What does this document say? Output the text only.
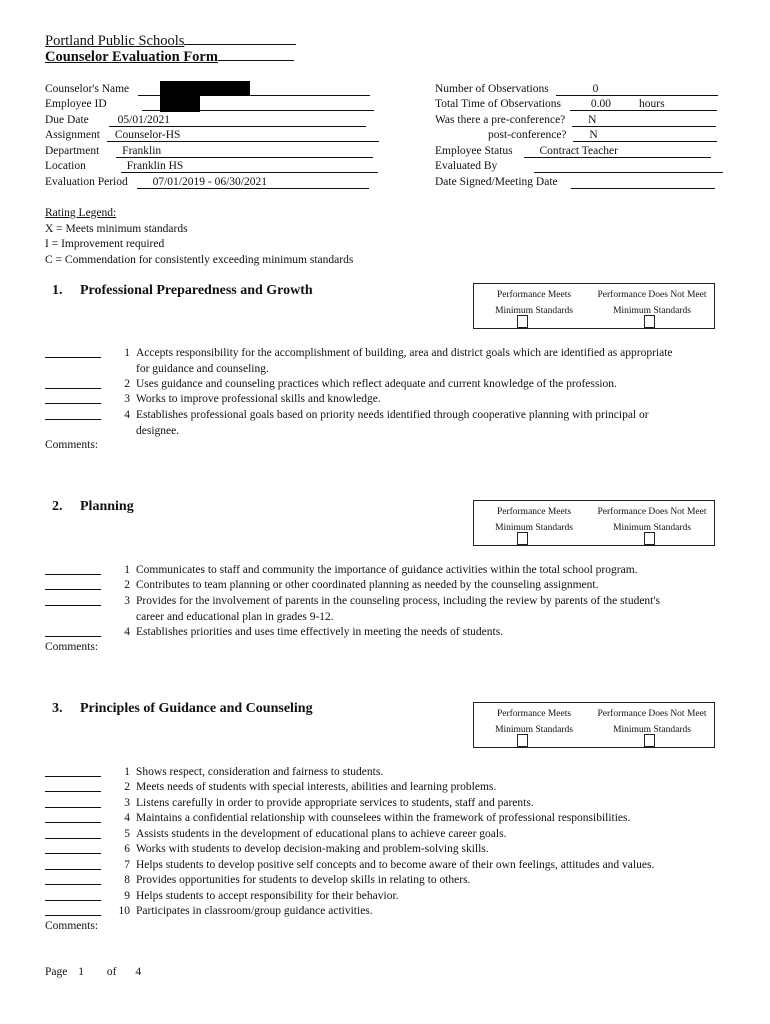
Portland Public Schools
Counselor Evaluation Form
Counselor's Name
Employee ID
Due Date	05/01/2021
Assignment Counselor-HS
Department Franklin
Location	Franklin HS
Evaluation Period 07/01/2019 - 06/30/2021
Number of Observations	0
Total Time of Observations	0.00 hours
Was there a pre-conference? N
post-conference? N
Employee Status Contract Teacher
Evaluated By
Date Signed/Meeting Date
Rating Legend:
X = Meets minimum standards
I = Improvement required
C = Commendation for consistently exceeding minimum standards
1. Professional Preparedness and Growth	Performance Meets
Minimum Standards
Performance Does Not Meet
Minimum Standards
1 Accepts responsibility for the accomplishment of building, area and district goals which are identified as appropriate
for guidance and counseling.
2 Uses guidance and counseling practices which reflect adequate and current knowledge of the profession.
3 Works to improve professional skills and knowledge.
4 Establishes professional goals based on priority needs identified through cooperative planning with principal or
designee.
Comments:
2. Planning	Performance Meets
Minimum Standards
Performance Does Not Meet
Minimum Standards
1 Communicates to staff and community the importance of guidance activities within the total school program.
2 Contributes to team planning or other coordinated planning as needed by the counseling assignment.
3 Provides for the involvement of parents in the counseling process, including the review by parents of the student's
career and educational plan in grades 9-12.
4 Establishes priorities and uses time effectively in meeting the needs of students.
Comments:
3. Principles of Guidance and Counseling	Performance Meets
Minimum Standards
Performance Does Not Meet
Minimum Standards
1 Shows respect, consideration and fairness to students.
2 Meets needs of students with special interests, abilities and learning problems.
3 Listens carefully in order to provide appropriate services to students, staff and parents.
4 Maintains a confidential relationship with counselees within the framework of professional responsibilities.
5 Assists students in the development of educational plans to achieve career goals.
6 Works with students to develop decision-making and problem-solving skills.
7 Helps students to develop positive self concepts and to become aware of their own feelings, attitudes and values.
8 Provides opportunities for students to develop skills in relating to others.
9 Helps students to accept responsibility for their behavior.
10 Participates in classroom/group guidance activities.
Comments:
Page 1 of 4
